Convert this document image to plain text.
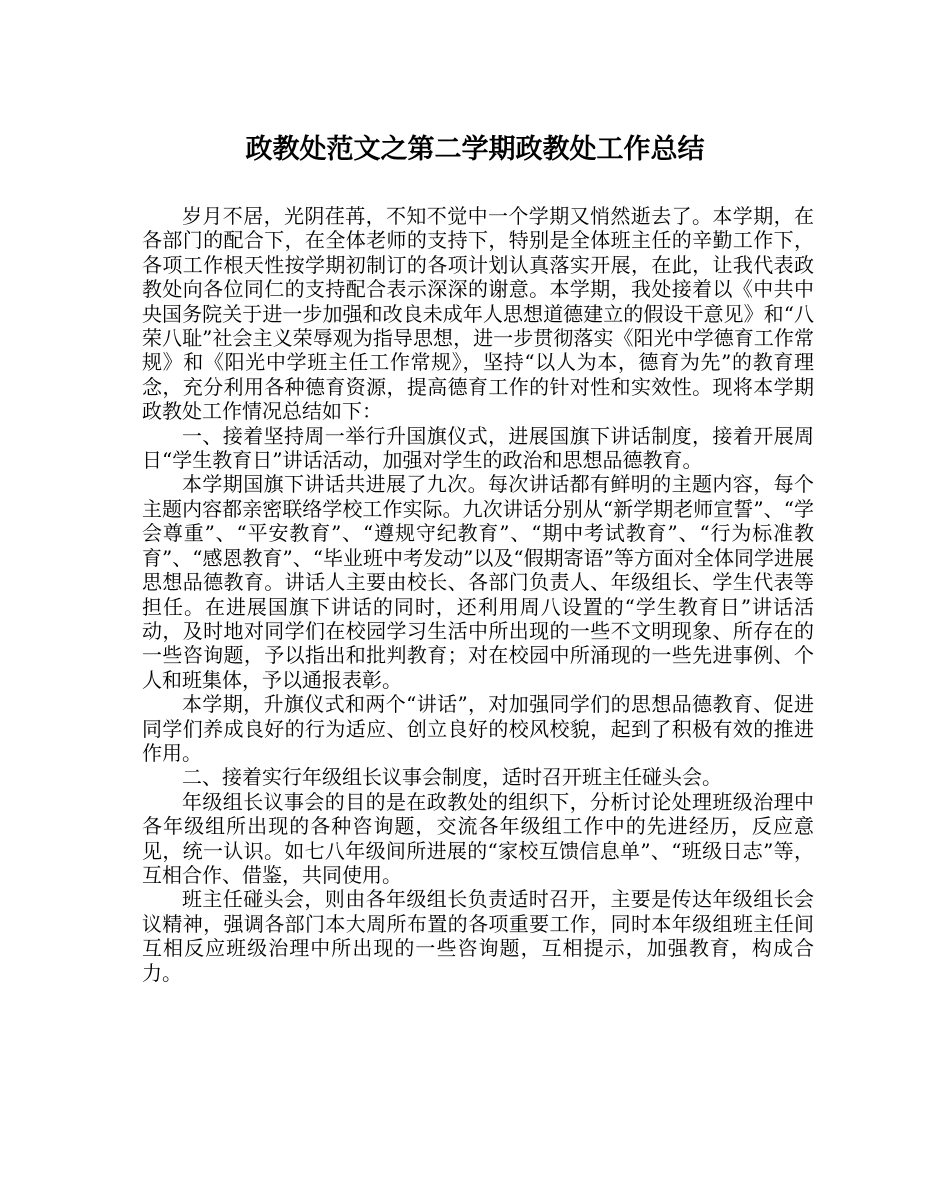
政教处范文之第二学期政教处工作总结

岁月不居，光阴荏苒，不知不觉中一个学期又悄然逝去了。本学期，在各部门的配合下，在全体老师的支持下，特别是全体班主任的辛勤工作下，各项工作根天性按学期初制订的各项计划认真落实开展，在此，让我代表政教处向各位同仁的支持配合表示深深的谢意。本学期，我处接着以《中共中央国务院关于进一步加强和改良未成年人思想道德建立的假设干意见》和“八荣八耻”社会主义荣辱观为指导思想，进一步贯彻落实《阳光中学德育工作常规》和《阳光中学班主任工作常规》，坚持“以人为本，德育为先”的教育理念，充分利用各种德育资源，提高德育工作的针对性和实效性。现将本学期政教处工作情况总结如下：

一、接着坚持周一举行升国旗仪式，进展国旗下讲话制度，接着开展周日“学生教育日”讲话活动，加强对学生的政治和思想品德教育。

本学期国旗下讲话共进展了九次。每次讲话都有鲜明的主题内容，每个主题内容都亲密联络学校工作实际。九次讲话分别从“新学期老师宣誓”、“学会尊重”、“平安教育”、“遵规守纪教育”、“期中考试教育”、“行为标准教育”、“感恩教育”、“毕业班中考发动”以及“假期寄语”等方面对全体同学进展思想品德教育。讲话人主要由校长、各部门负责人、年级组长、学生代表等担任。在进展国旗下讲话的同时，还利用周八设置的“学生教育日”讲话活动，及时地对同学们在校园学习生活中所出现的一些不文明现象、所存在的一些咨询题，予以指出和批判教育；对在校园中所涌现的一些先进事例、个人和班集体，予以通报表彰。

本学期，升旗仪式和两个“讲话”，对加强同学们的思想品德教育、促进同学们养成良好的行为适应、创立良好的校风校貌，起到了积极有效的推进作用。

二、接着实行年级组长议事会制度，适时召开班主任碰头会。

年级组长议事会的目的是在政教处的组织下，分析讨论处理班级治理中各年级组所出现的各种咨询题，交流各年级组工作中的先进经历，反应意见，统一认识。如七八年级间所进展的“家校互馈信息单”、“班级日志”等，互相合作、借鉴，共同使用。

班主任碰头会，则由各年级组长负责适时召开，主要是传达年级组长会议精神，强调各部门本大周所布置的各项重要工作，同时本年级组班主任间互相反应班级治理中所出现的一些咨询题，互相提示，加强教育，构成合力。
